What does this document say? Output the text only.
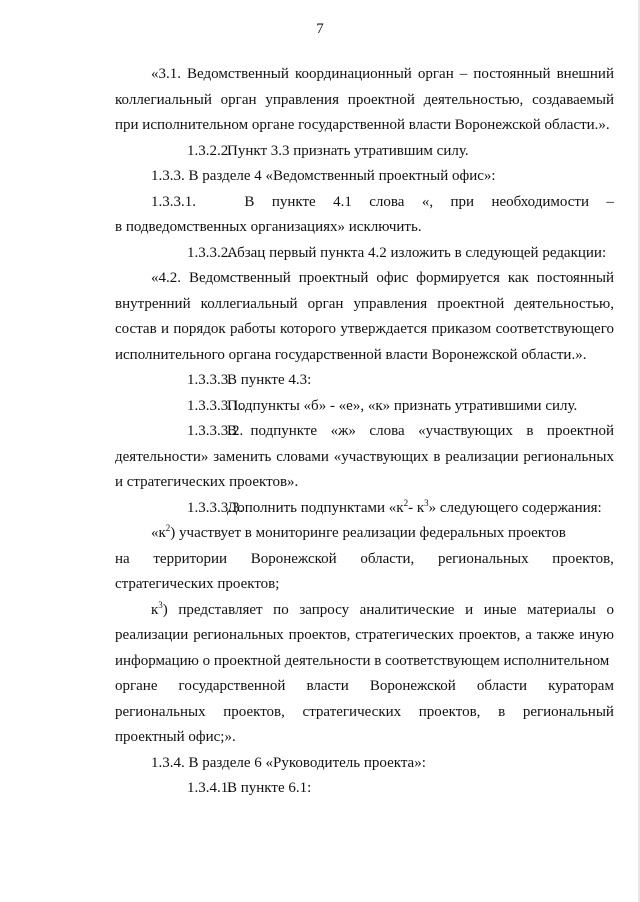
7

«3.1. Ведомственный координационный орган – постоянный внешний коллегиальный орган управления проектной деятельностью, создаваемый при исполнительном органе государственной власти Воронежской области.».

1.3.2.2.Пункт 3.3 признать утратившим силу.

1.3.3. В разделе 4 «Ведомственный проектный офис»:

1.3.3.1.	В пункте 4.1 слова «, при необходимости –

в подведомственных организациях» исключить.

1.3.3.2.Абзац первый пункта 4.2 изложить в следующей редакции:

«4.2. Ведомственный проектный офис формируется как постоянный внутренний коллегиальный орган управления проектной деятельностью, состав и порядок работы которого утверждается приказом соответствующего исполнительного органа государственной власти Воронежской области.».

1.3.3.3.В пункте 4.3:

1.3.3.3.1.Подпункты «б» - «е», «к» признать утратившими силу.

1.3.3.3.2.В подпункте «ж» слова «участвующих в проектной деятельности» заменить словами «участвующих в реализации региональных и стратегических проектов».

1.3.3.3.3.Дополнить подпунктами «$к^2-$ $к^3$» следующего содержания:

«$к^2$) участвует в мониторинге реализации федеральных проектов

на территории Воронежской области, региональных проектов,

стратегических проектов;

$к^3$) представляет по запросу аналитические и иные материалы о реализации региональных проектов, стратегических проектов, а также иную информацию о проектной деятельности в соответствующем исполнительном

органе государственной власти Воронежской области кураторам
региональных проектов, стратегических проектов, в региональный

проектный офис;».

1.3.4. В разделе 6 «Руководитель проекта»:

1.3.4.1.В пункте 6.1:
